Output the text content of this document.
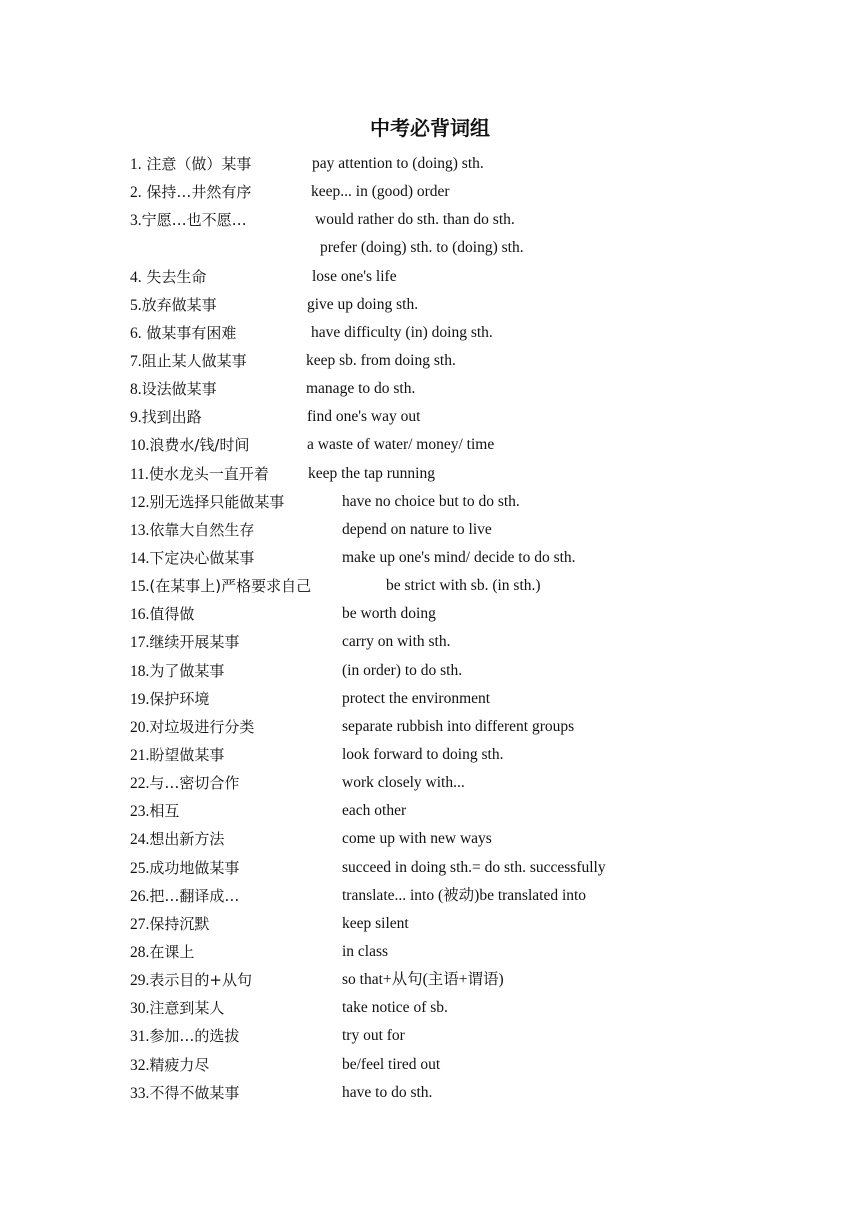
中考必背词组
1. 注意（做）某事	pay attention to (doing) sth.
2. 保持…井然有序	keep... in (good) order
3.宁愿…也不愿…	would rather do sth. than do sth.
prefer (doing) sth. to (doing) sth.
4. 失去生命	lose one's life
5.放弃做某事	give up doing sth.
6. 做某事有困难	have difficulty (in) doing sth.
7.阻止某人做某事	keep sb. from doing sth.
8.设法做某事	manage to do sth.
9.找到出路	find one's way out
10.浪费水/钱/时间	a waste of water/ money/ time
11.使水龙头一直开着	keep the tap running
12.别无选择只能做某事	have no choice but to do sth.
13.依靠大自然生存	depend on nature to live
14.下定决心做某事	make up one's mind/ decide to do sth.
15.(在某事上)严格要求自己	be strict with sb. (in sth.)
16.值得做	be worth doing
17.继续开展某事	carry on with sth.
18.为了做某事	(in order) to do sth.
19.保护环境	protect the environment
20.对垃圾进行分类	separate rubbish into different groups
21.盼望做某事	look forward to doing sth.
22.与…密切合作	work closely with...
23.相互	each other
24.想出新方法	come up with new ways
25.成功地做某事	succeed in doing sth.= do sth. successfully
26.把…翻译成…	translate... into (被动)be translated into
27.保持沉默	keep silent
28.在课上	in class
29.表示目的+从句	so that+从句(主语+谓语)
30.注意到某人	take notice of sb.
31.参加…的选拔	try out for
32.精疲力尽	be/feel tired out
33.不得不做某事	have to do sth.
